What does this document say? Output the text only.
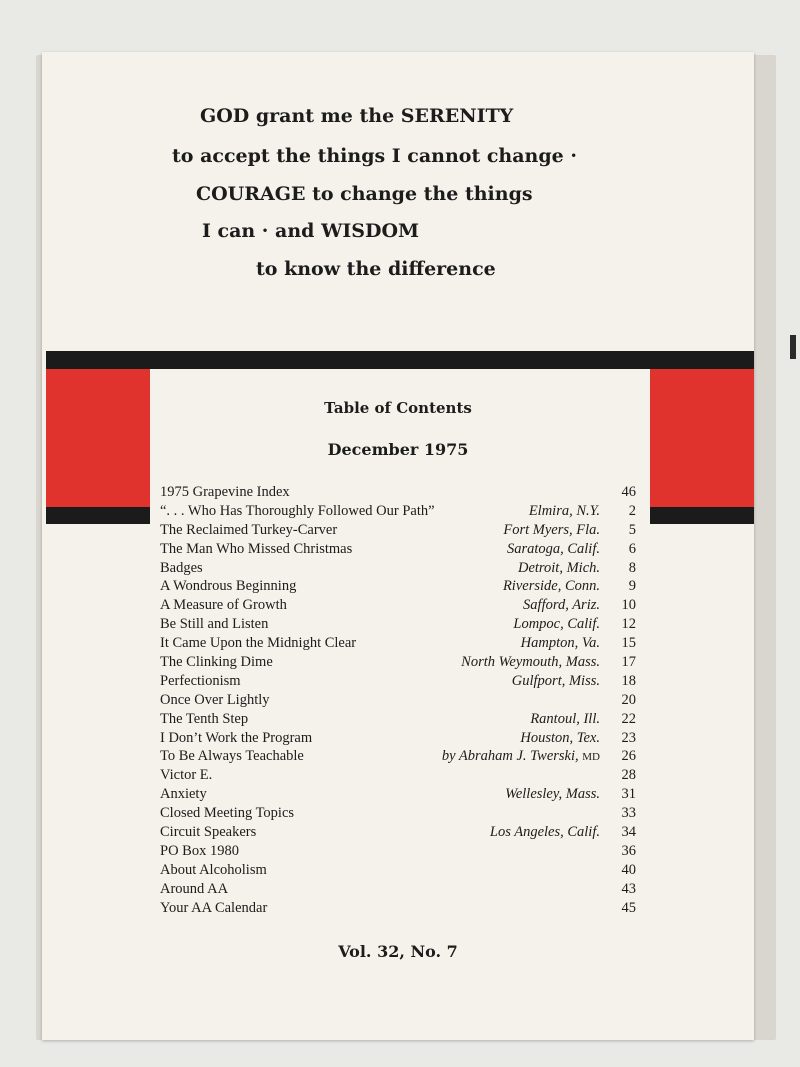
GOD grant me the SERENITY
to accept the things I cannot change ·
COURAGE to change the things
I can · and WISDOM
to know the difference
Table of Contents
December 1975
1975 Grapevine Index	46
“. . . Who Has Thoroughly Followed Our Path”	Elmira, N.Y.	2
The Reclaimed Turkey-Carver	Fort Myers, Fla.	5
The Man Who Missed Christmas	Saratoga, Calif.	6
Badges	Detroit, Mich.	8
A Wondrous Beginning	Riverside, Conn.	9
A Measure of Growth	Safford, Ariz.	10
Be Still and Listen	Lompoc, Calif.	12
It Came Upon the Midnight Clear	Hampton, Va.	15
The Clinking Dime	North Weymouth, Mass.	17
Perfectionism	Gulfport, Miss.	18
Once Over Lightly	20
The Tenth Step	Rantoul, Ill.	22
I Don’t Work the Program	Houston, Tex.	23
To Be Always Teachable	by Abraham J. Twerski, MD	26
Victor E.	28
Anxiety	Wellesley, Mass.	31
Closed Meeting Topics	33
Circuit Speakers	Los Angeles, Calif.	34
PO Box 1980	36
About Alcoholism	40
Around AA	43
Your AA Calendar	45
Vol. 32, No. 7
